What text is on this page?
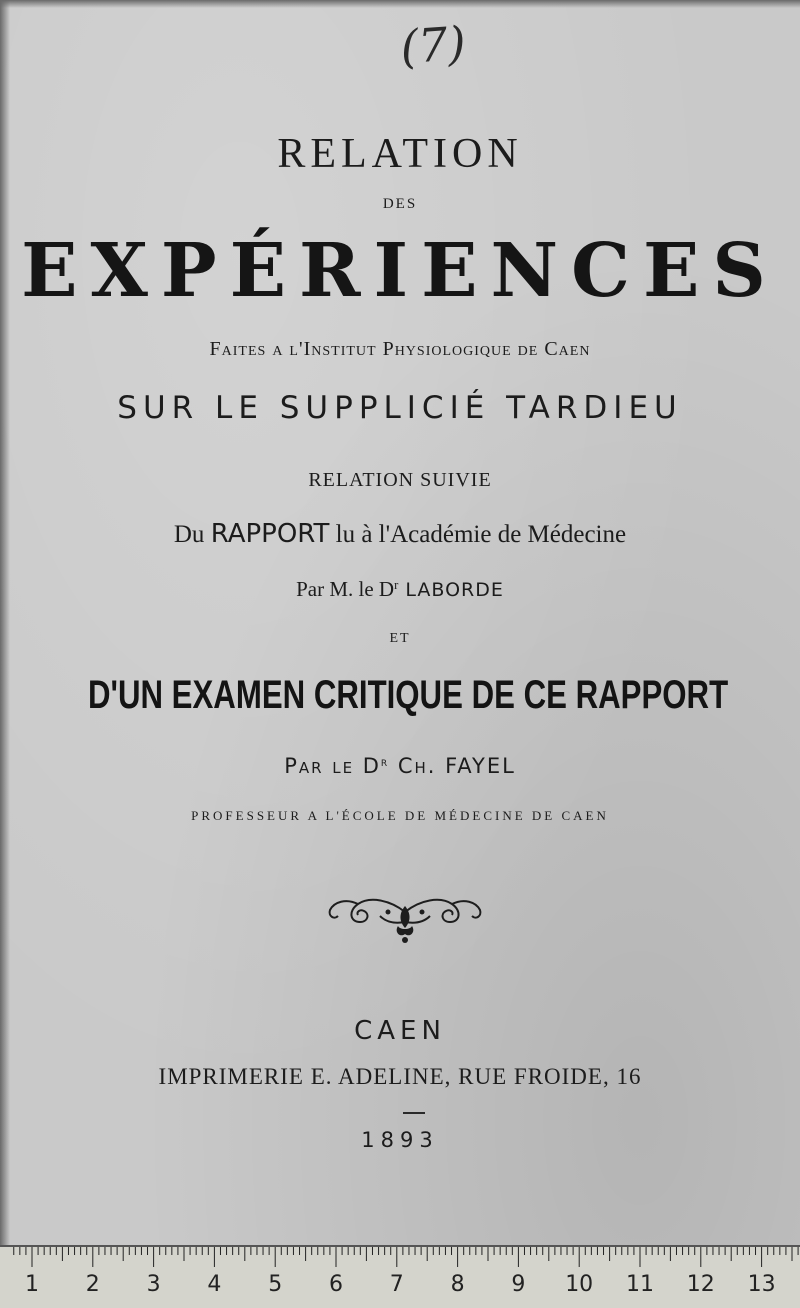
(7)
RELATION
DES
EXPÉRIENCES
Faites a l'Institut Physiologique de Caen
SUR LE SUPPLICIÉ TARDIEU
RELATION SUIVIE
Du RAPPORT lu à l'Académie de Médecine
Par M. le $D^r$ LABORDE
ET
D'UN EXAMEN CRITIQUE DE CE RAPPORT
Par le $D^r$ Ch. FAYEL
PROFESSEUR A L'ÉCOLE DE MÉDECINE DE CAEN
CAEN
IMPRIMERIE E. ADELINE, RUE FROIDE, 16
1893
1 2 3 4 5 6 7 8 9 10 11 12 13
